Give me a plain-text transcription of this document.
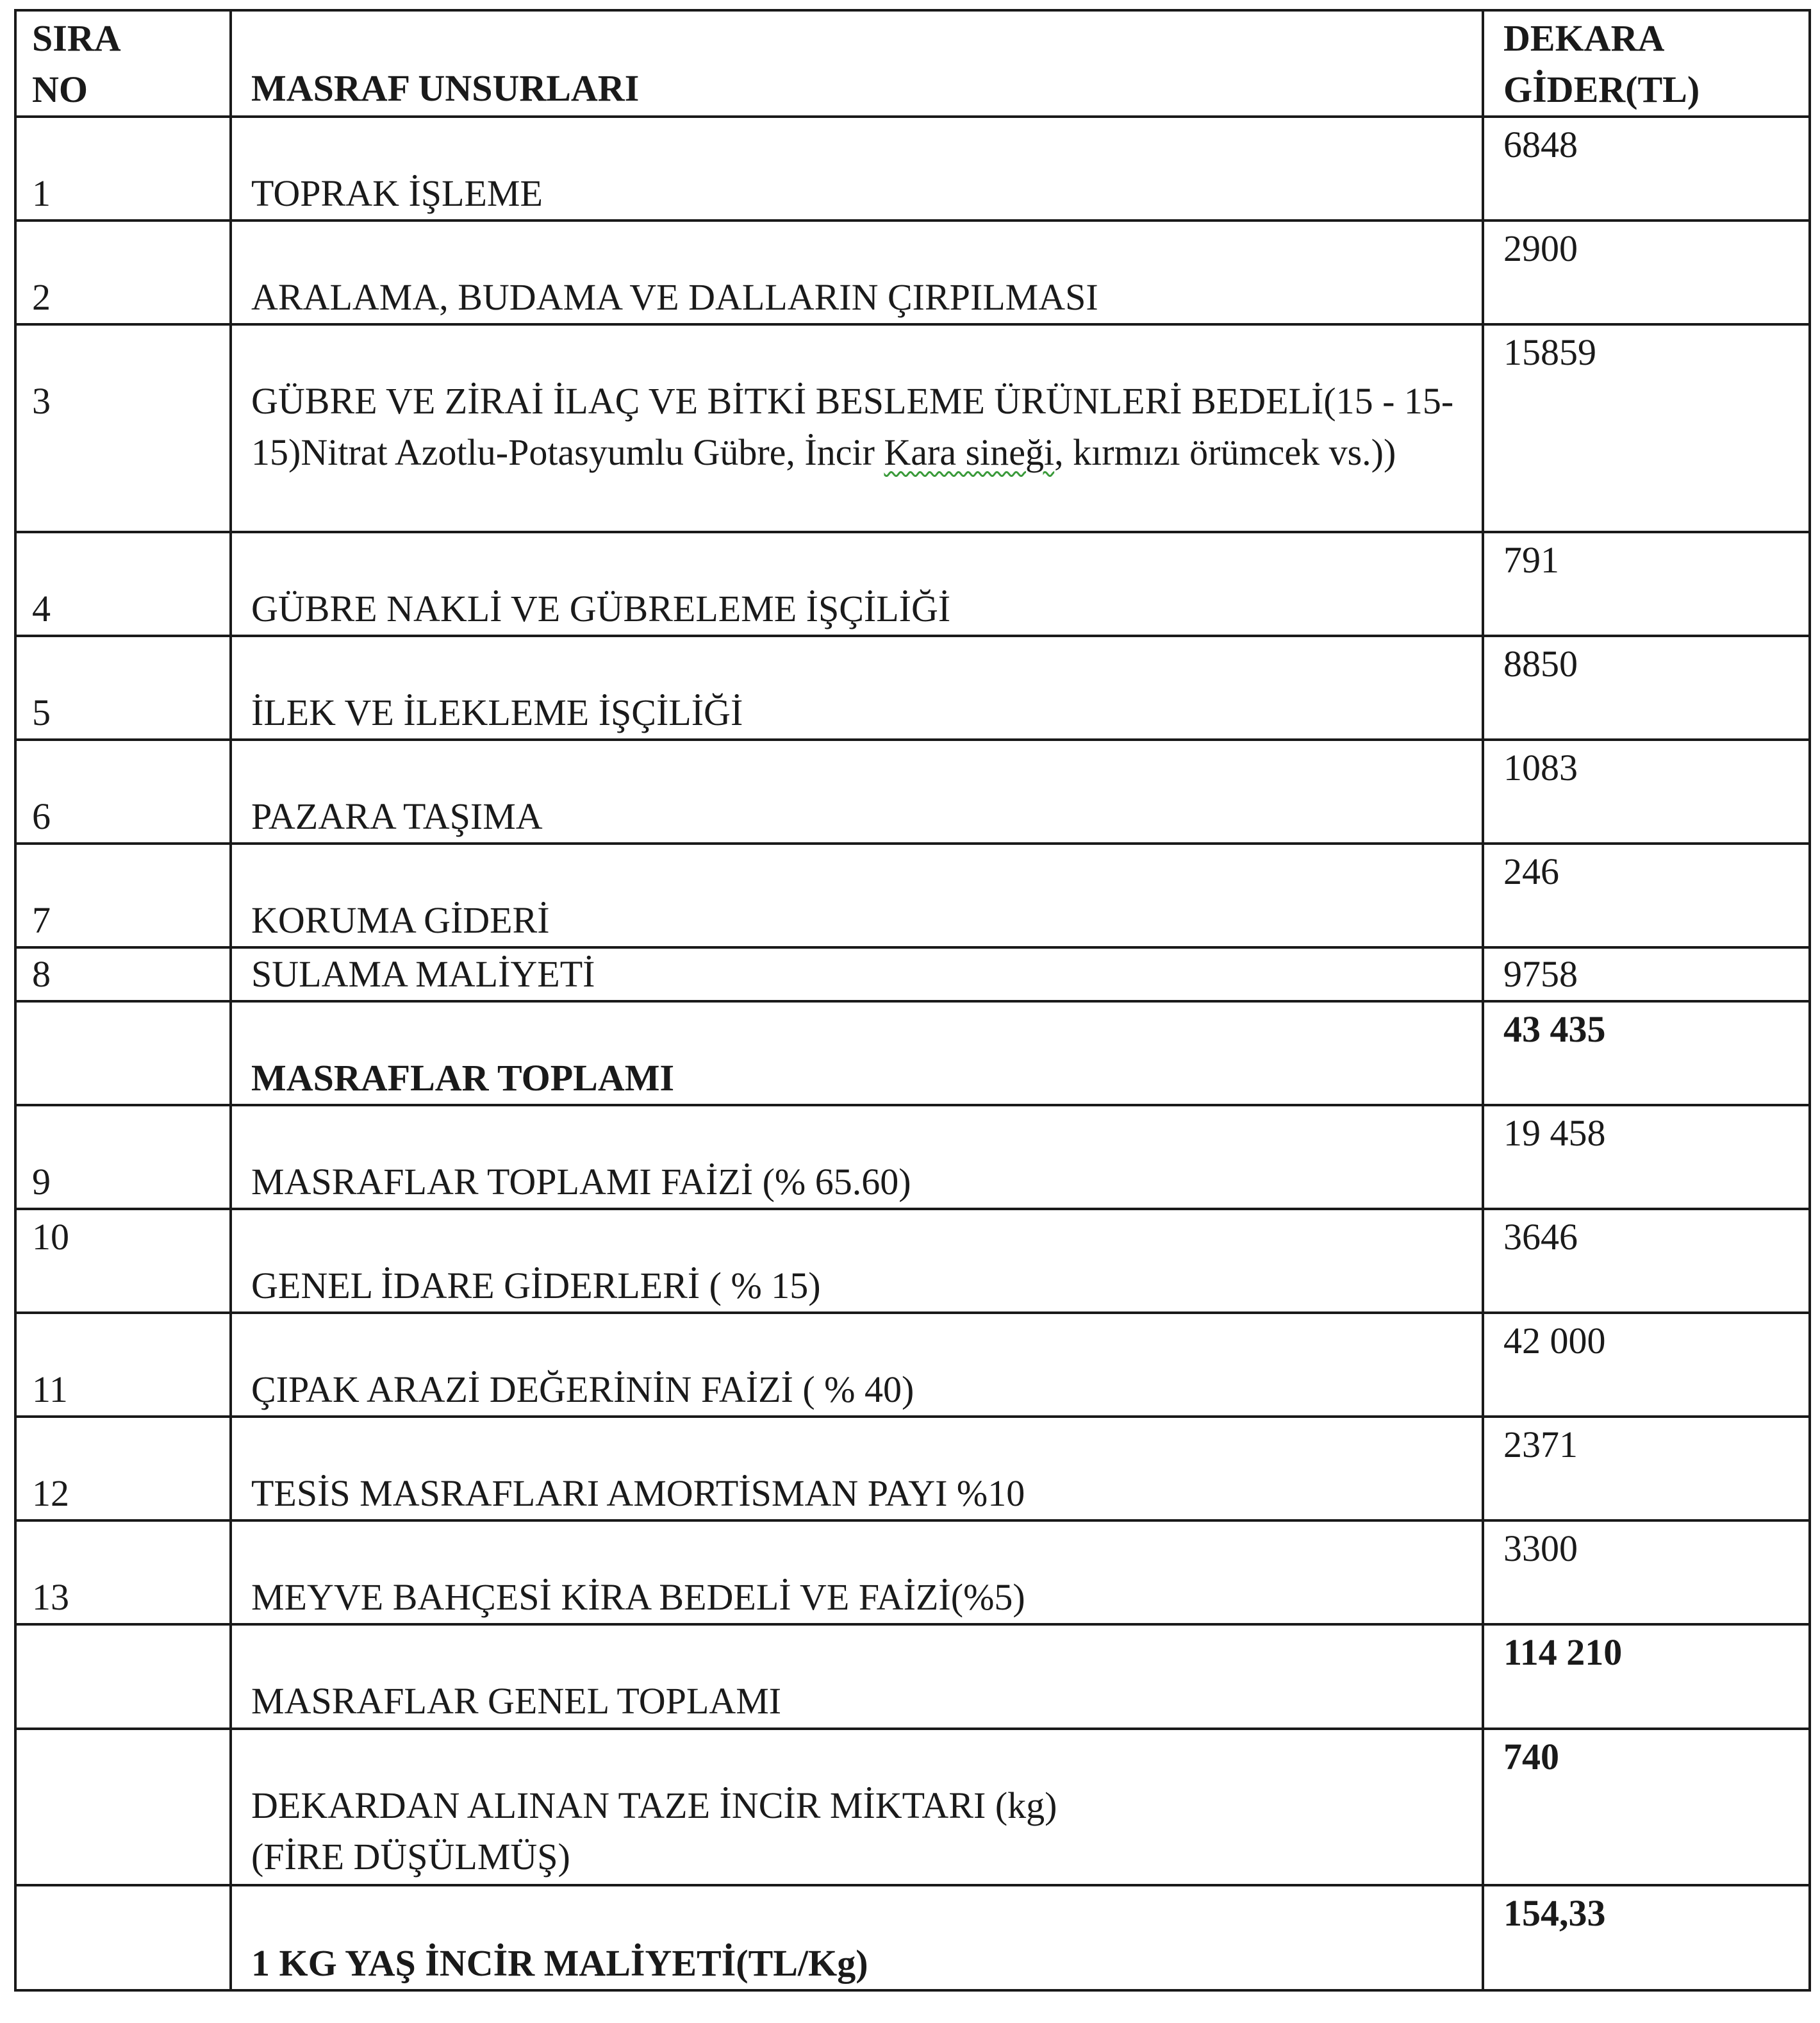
SIRA NO	MASRAF UNSURLARI	DEKARA GİDER(TL)

1	TOPRAK İŞLEME	6848

2	ARALAMA, BUDAMA VE DALLARIN ÇIRPILMASI	2900

3	GÜBRE VE ZİRAİ İLAÇ VE BİTKİ BESLEME ÜRÜNLERİ BEDELİ(15 - 15-15)Nitrat Azotlu-Potasyumlu Gübre, İncir Kara sineği, kırmızı örümcek vs.))	15859

4	GÜBRE NAKLİ VE GÜBRELEME İŞÇİLİĞİ	791

5	İLEK VE İLEKLEME İŞÇİLİĞİ	8850

6	PAZARA TAŞIMA	1083

7	KORUMA GİDERİ	246

8	SULAMA MALİYETİ	9758

	MASRAFLAR TOPLAMI	43 435

9	MASRAFLAR TOPLAMI FAİZİ (% 65.60)	19 458

10	GENEL İDARE GİDERLERİ ( % 15)	3646

11	ÇIPAK ARAZİ DEĞERİNİN FAİZİ ( % 40)	42 000

12	TESİS MASRAFLARI AMORTİSMAN PAYI %10	2371

13	MEYVE BAHÇESİ KİRA BEDELİ VE FAİZİ(%5)	3300

	MASRAFLAR GENEL TOPLAMI	114 210

	DEKARDAN ALINAN TAZE İNCİR MİKTARI (kg)
(FİRE DÜŞÜLMÜŞ)	740

	1 KG YAŞ İNCİR MALİYETİ(TL/Kg)	154,33
